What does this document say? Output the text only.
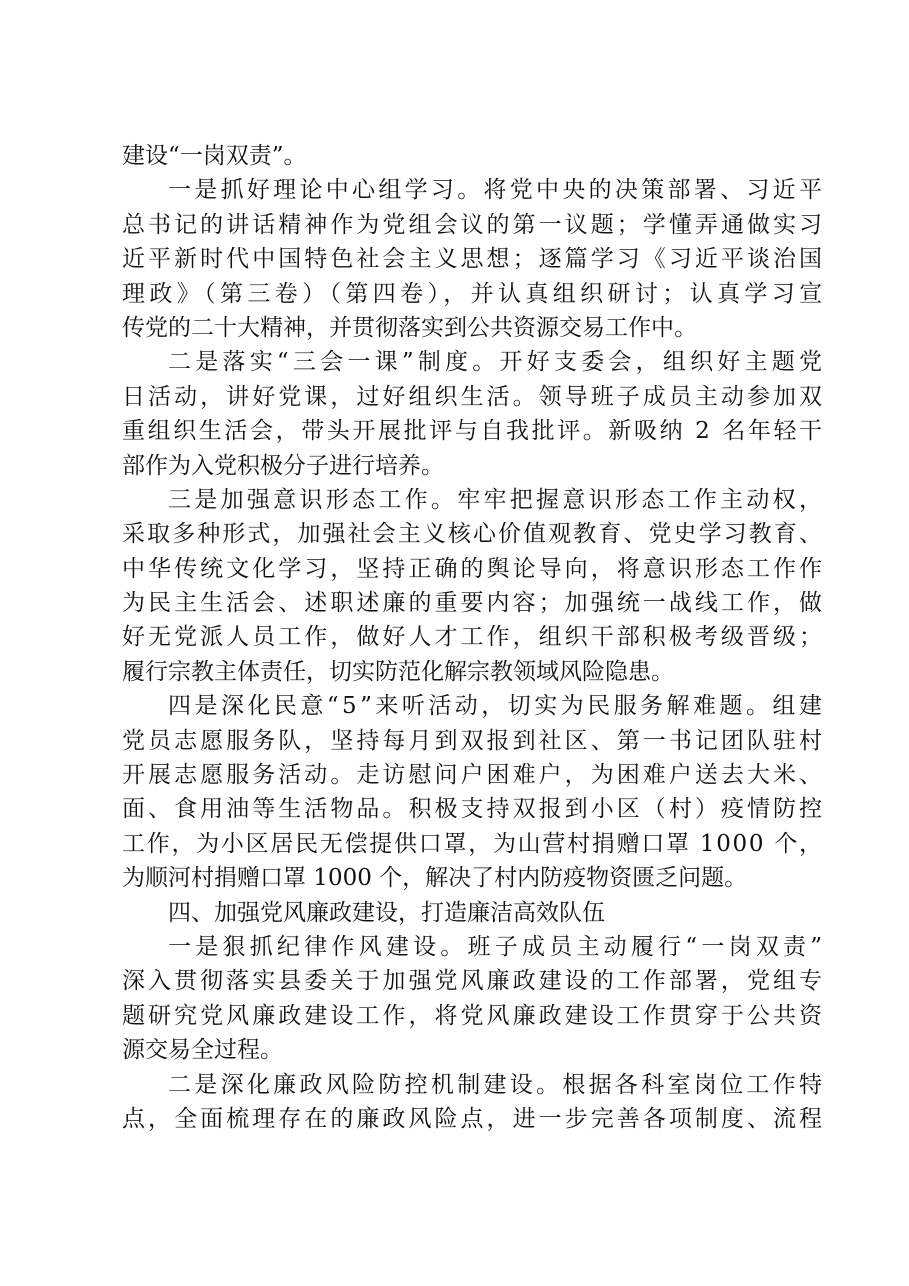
建设“一岗双责”。
一是抓好理论中心组学习。将党中央的决策部署、习近平
总书记的讲话精神作为党组会议的第一议题；学懂弄通做实习
近平新时代中国特色社会主义思想；逐篇学习《习近平谈治国
理政》（第三卷）（第四卷），并认真组织研讨；认真学习宣
传党的二十大精神，并贯彻落实到公共资源交易工作中。
二是落实“三会一课”制度。开好支委会，组织好主题党
日活动，讲好党课，过好组织生活。领导班子成员主动参加双
重组织生活会，带头开展批评与自我批评。新吸纳 2 名年轻干
部作为入党积极分子进行培养。
三是加强意识形态工作。牢牢把握意识形态工作主动权，
采取多种形式，加强社会主义核心价值观教育、党史学习教育、
中华传统文化学习，坚持正确的舆论导向，将意识形态工作作
为民主生活会、述职述廉的重要内容；加强统一战线工作，做
好无党派人员工作，做好人才工作，组织干部积极考级晋级；
履行宗教主体责任，切实防范化解宗教领域风险隐患。
四是深化民意“5”来听活动，切实为民服务解难题。组建
党员志愿服务队，坚持每月到双报到社区、第一书记团队驻村
开展志愿服务活动。走访慰问户困难户，为困难户送去大米、
面、食用油等生活物品。积极支持双报到小区（村）疫情防控
工作，为小区居民无偿提供口罩，为山营村捐赠口罩 1000 个，
为顺河村捐赠口罩 1000 个，解决了村内防疫物资匮乏问题。
四、加强党风廉政建设，打造廉洁高效队伍
一是狠抓纪律作风建设。班子成员主动履行“一岗双责”
深入贯彻落实县委关于加强党风廉政建设的工作部署，党组专
题研究党风廉政建设工作，将党风廉政建设工作贯穿于公共资
源交易全过程。
二是深化廉政风险防控机制建设。根据各科室岗位工作特
点，全面梳理存在的廉政风险点，进一步完善各项制度、流程
